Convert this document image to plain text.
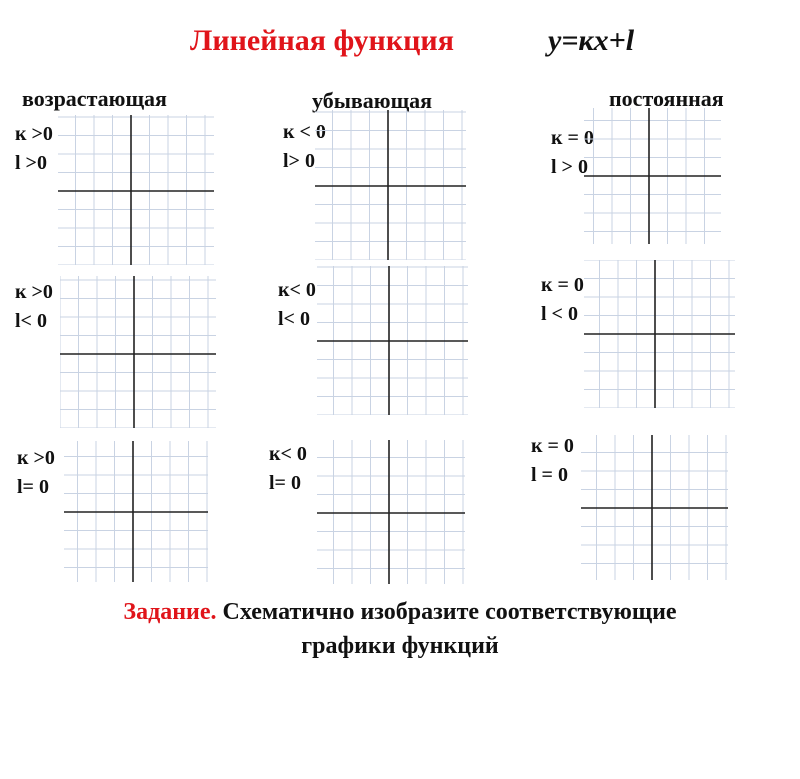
Линейная функция	y=кx+l
возрастающая	убывающая	постоянная
к >0
l >0
к < 0
l> 0
к = 0
l > 0
к >0
l< 0
к< 0
l< 0
к = 0
l < 0
к >0
l= 0
к< 0
l= 0
к = 0
l = 0
Задание. Схематично изобразите соответствующие
графики функций
